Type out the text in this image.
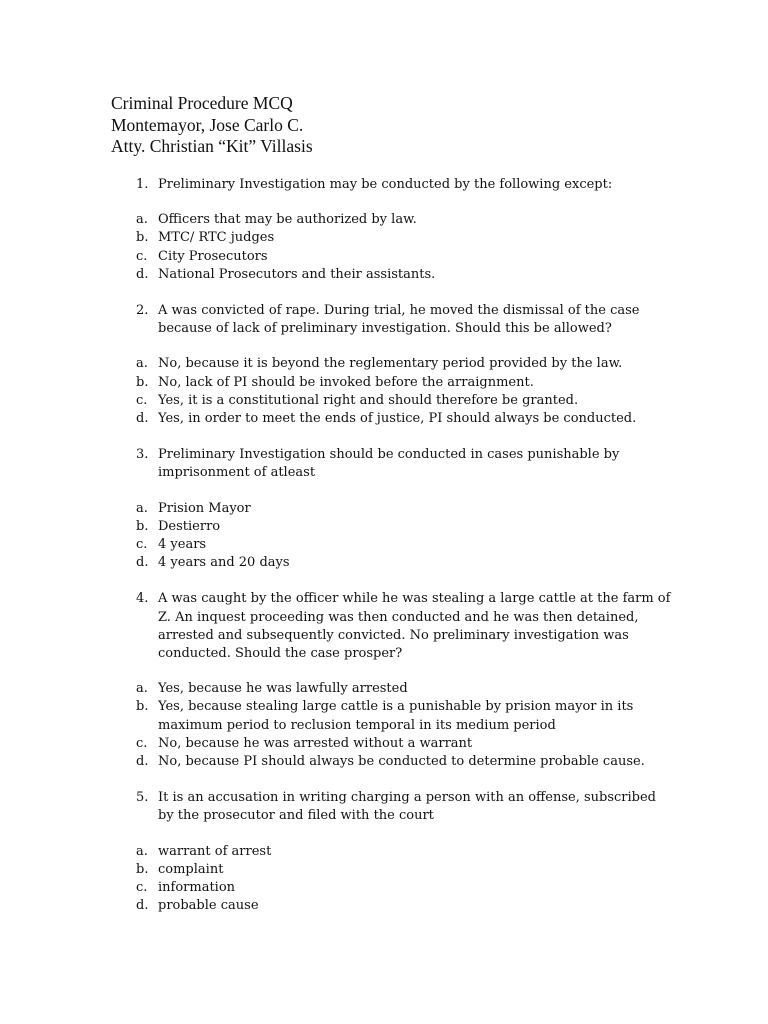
Criminal Procedure MCQ
Montemayor, Jose Carlo C.
Atty. Christian “Kit” Villasis
1. Preliminary Investigation may be conducted by the following except:
a. Officers that may be authorized by law.
b. MTC/ RTC judges
c. City Prosecutors
d. National Prosecutors and their assistants.
2. A was convicted of rape. During trial, he moved the dismissal of the case
because of lack of preliminary investigation. Should this be allowed?
a. No, because it is beyond the reglementary period provided by the law.
b. No, lack of PI should be invoked before the arraignment.
c. Yes, it is a constitutional right and should therefore be granted.
d. Yes, in order to meet the ends of justice, PI should always be conducted.
3. Preliminary Investigation should be conducted in cases punishable by
imprisonment of atleast
a. Prision Mayor
b. Destierro
c. 4 years
d. 4 years and 20 days
4. A was caught by the officer while he was stealing a large cattle at the farm of
Z. An inquest proceeding was then conducted and he was then detained,
arrested and subsequently convicted. No preliminary investigation was
conducted. Should the case prosper?
a. Yes, because he was lawfully arrested
b. Yes, because stealing large cattle is a punishable by prision mayor in its
maximum period to reclusion temporal in its medium period
c. No, because he was arrested without a warrant
d. No, because PI should always be conducted to determine probable cause.
5. It is an accusation in writing charging a person with an offense, subscribed
by the prosecutor and filed with the court
a. warrant of arrest
b. complaint
c. information
d. probable cause
